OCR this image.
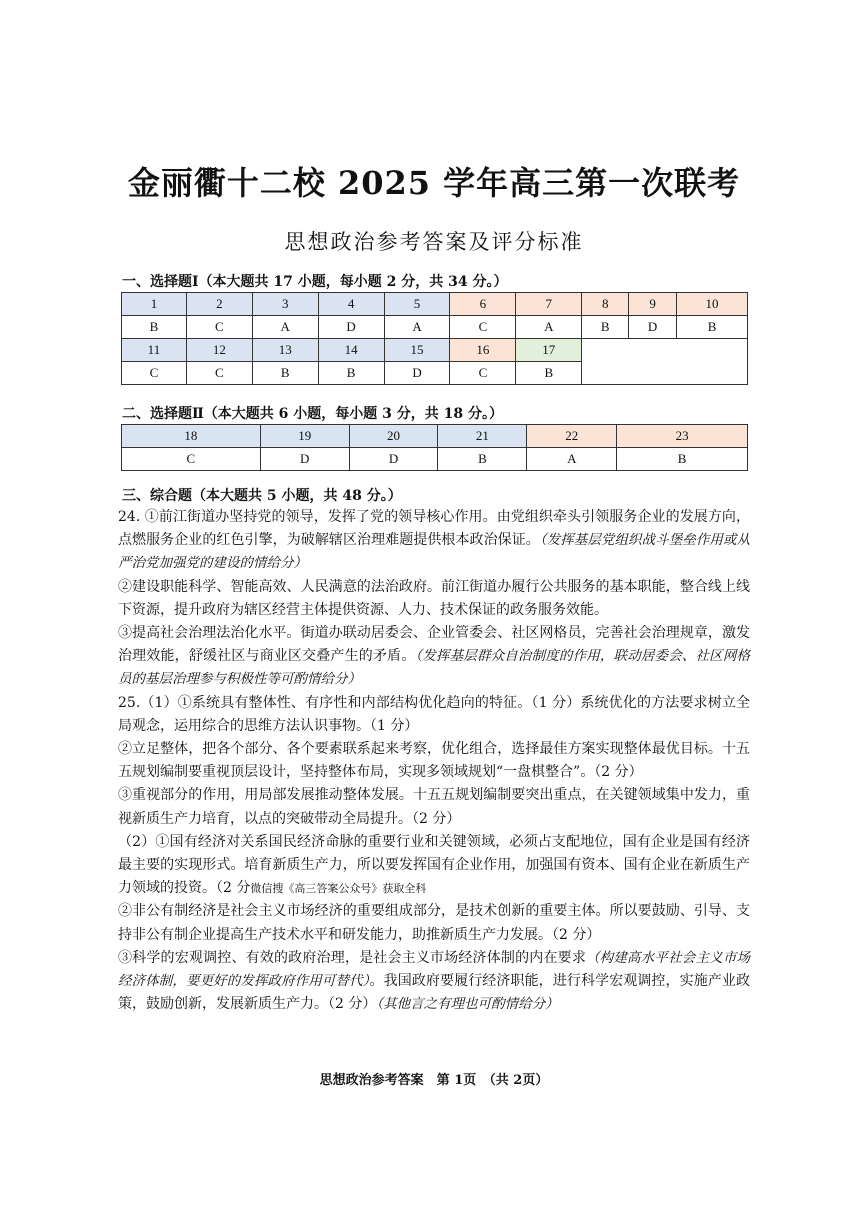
金丽衢十二校 2025 学年高三第一次联考
思想政治参考答案及评分标准
一、选择题Ⅰ（本大题共 17 小题，每小题 2 分，共 34 分。）
1	2	3	4	5	6	7	8	9	10
B	C	A	D	A	C	A	B	D	B
11	12	13	14	15	16	17			
C	C	B	B	D	C	B			
二、选择题Ⅱ（本大题共 6 小题，每小题 3 分，共 18 分。）
18	19	20	21	22	23
C	D	D	B	A	B
三、综合题（本大题共 5 小题，共 48 分。）

24. ①前江街道办坚持党的领导，发挥了党的领导核心作用。由党组织牵头引领服务企业的发展方向，点燃服务企业的红色引擎，为破解辖区治理难题提供根本政治保证。（发挥基层党组织战斗堡垒作用或从严治党加强党的建设的情给分）

②建设职能科学、智能高效、人民满意的法治政府。前江街道办履行公共服务的基本职能，整合线上线下资源，提升政府为辖区经营主体提供资源、人力、技术保证的政务服务效能。

③提高社会治理法治化水平。街道办联动居委会、企业管委会、社区网格员，完善社会治理规章，激发治理效能，舒缓社区与商业区交叠产生的矛盾。（发挥基层群众自治制度的作用，联动居委会、社区网格员的基层治理参与积极性等可酌情给分）

25.（1）①系统具有整体性、有序性和内部结构优化趋向的特征。（1 分）系统优化的方法要求树立全局观念，运用综合的思维方法认识事物。（1 分）

②立足整体，把各个部分、各个要素联系起来考察，优化组合，选择最佳方案实现整体最优目标。十五五规划编制要重视顶层设计，坚持整体布局，实现多领域规划“一盘棋整合”。（2 分）

③重视部分的作用，用局部发展推动整体发展。十五五规划编制要突出重点，在关键领域集中发力，重视新质生产力培育，以点的突破带动全局提升。（2 分）

（2）①国有经济对关系国民经济命脉的重要行业和关键领域，必须占支配地位，国有企业是国有经济最主要的实现形式。培育新质生产力，所以要发挥国有企业作用，加强国有资本、国有企业在新质生产力领域的投资。（2 分微信搜《高三答案公众号》获取全科

②非公有制经济是社会主义市场经济的重要组成部分，是技术创新的重要主体。所以要鼓励、引导、支持非公有制企业提高生产技术水平和研发能力，助推新质生产力发展。（2 分）

③科学的宏观调控、有效的政府治理，是社会主义市场经济体制的内在要求（构建高水平社会主义市场经济体制，要更好的发挥政府作用可替代）。我国政府要履行经济职能，进行科学宏观调控，实施产业政策，鼓励创新，发展新质生产力。（2 分）（其他言之有理也可酌情给分）

思想政治参考答案　第 1页　（共 2页）
